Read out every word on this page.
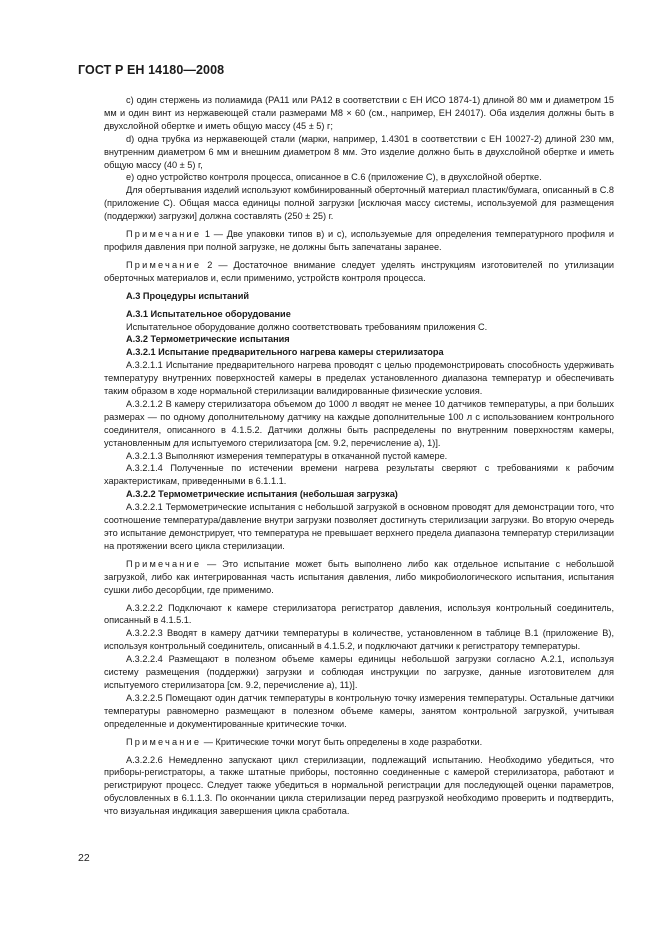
ГОСТ Р ЕН 14180—2008

c) один стержень из полиамида (РА11 или РА12 в соответствии с ЕН ИСО 1874-1) длиной 80 мм и диаметром 15 мм и один винт из нержавеющей стали размерами М8 × 60 (см., например, ЕН 24017). Оба изделия должны быть в двухслойной обертке и иметь общую массу (45 ± 5) г;

d) одна трубка из нержавеющей стали (марки, например, 1.4301 в соответствии с ЕН 10027-2) длиной 230 мм, внутренним диаметром 6 мм и внешним диаметром 8 мм. Это изделие должно быть в двухслойной обертке и иметь общую массу (40 ± 5) г,

е) одно устройство контроля процесса, описанное в С.6 (приложение С), в двухслойной обертке.

Для обертывания изделий используют комбинированный оберточный материал пластик/бумага, описанный в С.8 (приложение С). Общая масса единицы полной загрузки [исключая массу системы, используемой для размещения (поддержки) загрузки] должна составлять (250 ± 25) г.

Примечание 1 — Две упаковки типов в) и с), используемые для определения температурного профиля и профиля давления при полной загрузке, не должны быть запечатаны заранее.

Примечание 2 — Достаточное внимание следует уделять инструкциям изготовителей по утилизации оберточных материалов и, если применимо, устройств контроля процесса.

А.3 Процедуры испытаний

А.3.1 Испытательное оборудование

Испытательное оборудование должно соответствовать требованиям приложения С.

А.3.2 Термометрические испытания

А.3.2.1 Испытание предварительного нагрева камеры стерилизатора

А.3.2.1.1 Испытание предварительного нагрева проводят с целью продемонстрировать способность удерживать температуру внутренних поверхностей камеры в пределах установленного диапазона температур и обеспечивать таким образом в ходе нормальной стерилизации валидированные физические условия.

А.3.2.1.2 В камеру стерилизатора объемом до 1000 л вводят не менее 10 датчиков температуры, а при больших размерах — по одному дополнительному датчику на каждые дополнительные 100 л с использованием контрольного соединителя, описанного в 4.1.5.2. Датчики должны быть распределены по внутренним поверхностям камеры, установленным для испытуемого стерилизатора [см. 9.2, перечисление а), 1)].

А.3.2.1.3 Выполняют измерения температуры в откачанной пустой камере.

А.3.2.1.4 Полученные по истечении времени нагрева результаты сверяют с требованиями к рабочим характеристикам, приведенными в 6.1.1.1.

А.3.2.2 Термометрические испытания (небольшая загрузка)

А.3.2.2.1 Термометрические испытания с небольшой загрузкой в основном проводят для демонстрации того, что соотношение температура/давление внутри загрузки позволяет достигнуть стерилизации загрузки. Во вторую очередь это испытание демонстрирует, что температура не превышает верхнего предела диапазона температур стерилизации на протяжении всего цикла стерилизации.

Примечание — Это испытание может быть выполнено либо как отдельное испытание с небольшой загрузкой, либо как интегрированная часть испытания давления, либо микробиологического испытания, испытания сушки либо десорбции, где применимо.

А.3.2.2.2 Подключают к камере стерилизатора регистратор давления, используя контрольный соединитель, описанный в 4.1.5.1.

А.3.2.2.3 Вводят в камеру датчики температуры в количестве, установленном в таблице В.1 (приложение В), используя контрольный соединитель, описанный в 4.1.5.2, и подключают датчики к регистратору температуры.

А.3.2.2.4 Размещают в полезном объеме камеры единицы небольшой загрузки согласно А.2.1, используя систему размещения (поддержки) загрузки и соблюдая инструкции по загрузке, данные изготовителем для испытуемого стерилизатора [см. 9.2, перечисление а), 11)].

А.3.2.2.5 Помещают один датчик температуры в контрольную точку измерения температуры. Остальные датчики температуры равномерно размещают в полезном объеме камеры, занятом контрольной загрузкой, учитывая определенные и документированные критические точки.

Примечание — Критические точки могут быть определены в ходе разработки.

А.3.2.2.6 Немедленно запускают цикл стерилизации, подлежащий испытанию. Необходимо убедиться, что приборы-регистраторы, а также штатные приборы, постоянно соединенные с камерой стерилизатора, работают и регистрируют процесс. Следует также убедиться в нормальной регистрации для последующей оценки параметров, обусловленных в 6.1.1.3. По окончании цикла стерилизации перед разгрузкой необходимо проверить и подтвердить, что визуальная индикация завершения цикла сработала.

22
